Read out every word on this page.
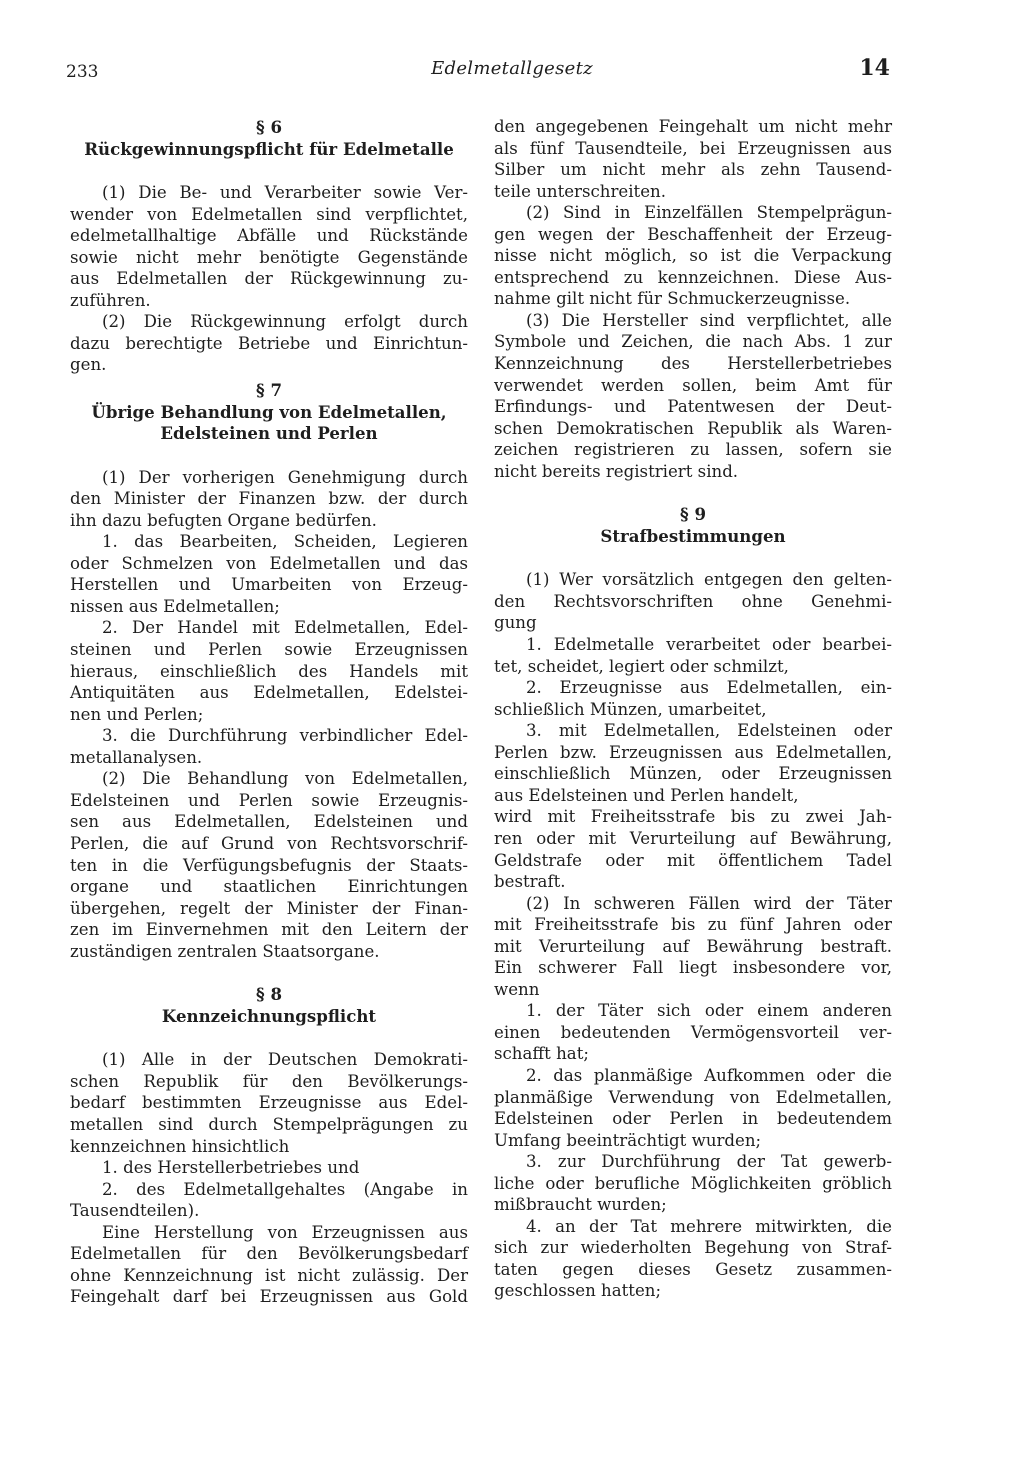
233	Edelmetallgesetz	14

§ 6

Rückgewinnungspflicht für Edelmetalle

(1) Die Be- und Verarbeiter sowie Ver-

wender von Edelmetallen sind verpflichtet,

edelmetallhaltige Abfälle und Rückstände

sowie nicht mehr benötigte Gegenstände

aus Edelmetallen der Rückgewinnung zu-

zuführen.

(2) Die Rückgewinnung erfolgt durch

dazu berechtigte Betriebe und Einrichtun-

gen.

§ 7

Übrige Behandlung von Edelmetallen,

Edelsteinen und Perlen

(1) Der vorherigen Genehmigung durch

den Minister der Finanzen bzw. der durch

ihn dazu befugten Organe bedürfen.

1. das Bearbeiten, Scheiden, Legieren

oder Schmelzen von Edelmetallen und das

Herstellen und Umarbeiten von Erzeug-

nissen aus Edelmetallen;

2. Der Handel mit Edelmetallen, Edel-

steinen und Perlen sowie Erzeugnissen

hieraus, einschließlich des Handels mit

Antiquitäten aus Edelmetallen, Edelstei-

nen und Perlen;

3. die Durchführung verbindlicher Edel-

metallanalysen.

(2) Die Behandlung von Edelmetallen,

Edelsteinen und Perlen sowie Erzeugnis-

sen aus Edelmetallen, Edelsteinen und

Perlen, die auf Grund von Rechtsvorschrif-

ten in die Verfügungsbefugnis der Staats-

organe und staatlichen Einrichtungen

übergehen, regelt der Minister der Finan-

zen im Einvernehmen mit den Leitern der

zuständigen zentralen Staatsorgane.

§ 8

Kennzeichnungspflicht

(1) Alle in der Deutschen Demokrati-

schen Republik für den Bevölkerungs-

bedarf bestimmten Erzeugnisse aus Edel-

metallen sind durch Stempelprägungen zu

kennzeichnen hinsichtlich

1. des Herstellerbetriebes und

2. des Edelmetallgehaltes (Angabe in

Tausendteilen).

Eine Herstellung von Erzeugnissen aus

Edelmetallen für den Bevölkerungsbedarf

ohne Kennzeichnung ist nicht zulässig. Der

Feingehalt darf bei Erzeugnissen aus Gold

den angegebenen Feingehalt um nicht mehr

als fünf Tausendteile, bei Erzeugnissen aus

Silber um nicht mehr als zehn Tausend-

teile unterschreiten.

(2) Sind in Einzelfällen Stempelprägun-

gen wegen der Beschaffenheit der Erzeug-

nisse nicht möglich, so ist die Verpackung

entsprechend zu kennzeichnen. Diese Aus-

nahme gilt nicht für Schmuckerzeugnisse.

(3) Die Hersteller sind verpflichtet, alle

Symbole und Zeichen, die nach Abs. 1 zur

Kennzeichnung des Herstellerbetriebes

verwendet werden sollen, beim Amt für

Erfindungs- und Patentwesen der Deut-

schen Demokratischen Republik als Waren-

zeichen registrieren zu lassen, sofern sie

nicht bereits registriert sind.

§ 9

Strafbestimmungen

(1) Wer vorsätzlich entgegen den gelten-

den Rechtsvorschriften ohne Genehmi-

gung

1. Edelmetalle verarbeitet oder bearbei-

tet, scheidet, legiert oder schmilzt,

2. Erzeugnisse aus Edelmetallen, ein-

schließlich Münzen, umarbeitet,

3. mit Edelmetallen, Edelsteinen oder

Perlen bzw. Erzeugnissen aus Edelmetallen,

einschließlich Münzen, oder Erzeugnissen

aus Edelsteinen und Perlen handelt,

wird mit Freiheitsstrafe bis zu zwei Jah-

ren oder mit Verurteilung auf Bewährung,

Geldstrafe oder mit öffentlichem Tadel

bestraft.

(2) In schweren Fällen wird der Täter

mit Freiheitsstrafe bis zu fünf Jahren oder

mit Verurteilung auf Bewährung bestraft.

Ein schwerer Fall liegt insbesondere vor,

wenn

1. der Täter sich oder einem anderen

einen bedeutenden Vermögensvorteil ver-

schafft hat;

2. das planmäßige Aufkommen oder die

planmäßige Verwendung von Edelmetallen,

Edelsteinen oder Perlen in bedeutendem

Umfang beeinträchtigt wurden;

3. zur Durchführung der Tat gewerb-

liche oder berufliche Möglichkeiten gröblich

mißbraucht wurden;

4. an der Tat mehrere mitwirkten, die

sich zur wiederholten Begehung von Straf-

taten gegen dieses Gesetz zusammen-

geschlossen hatten;
